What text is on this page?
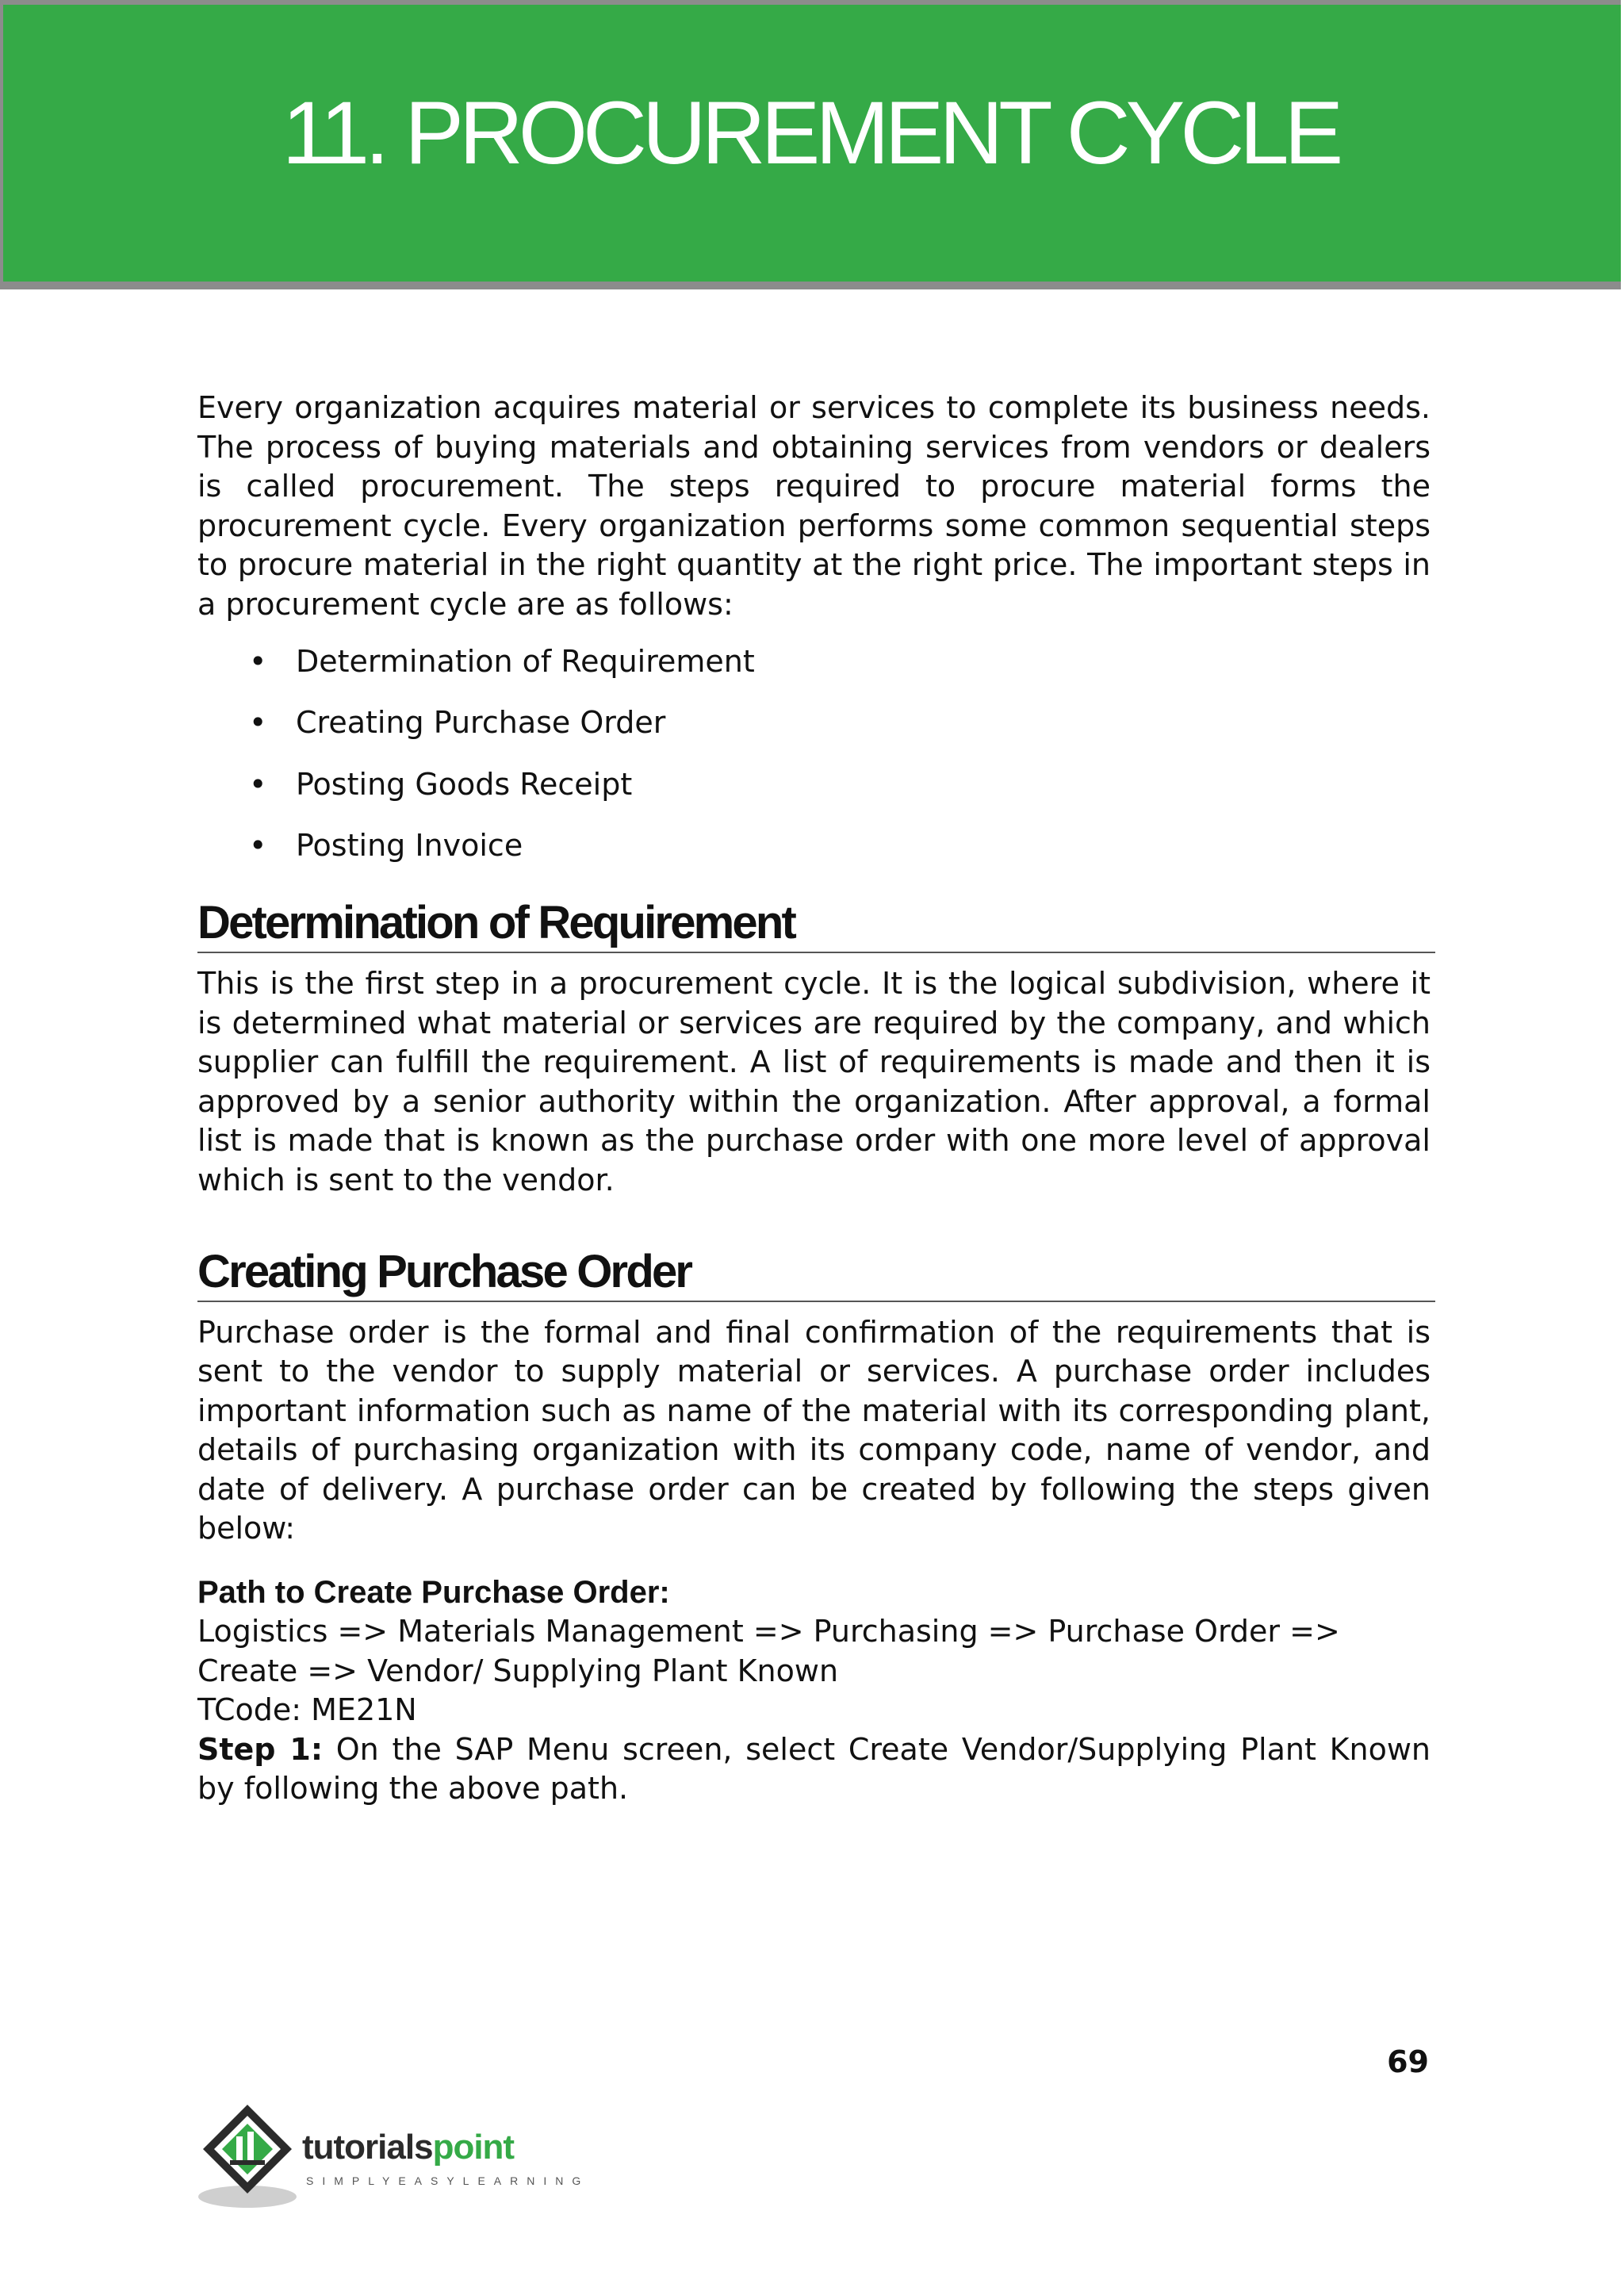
11. PROCUREMENT CYCLE

Every organization acquires material or services to complete its business needs. The process of buying materials and obtaining services from vendors or dealers is called procurement. The steps required to procure material forms the procurement cycle. Every organization performs some common sequential steps to procure material in the right quantity at the right price. The important steps in a procurement cycle are as follows:

• Determination of Requirement
• Creating Purchase Order
• Posting Goods Receipt
• Posting Invoice
Determination of Requirement

This is the first step in a procurement cycle. It is the logical subdivision, where it is determined what material or services are required by the company, and which supplier can fulfill the requirement. A list of requirements is made and then it is approved by a senior authority within the organization. After approval, a formal list is made that is known as the purchase order with one more level of approval which is sent to the vendor.

Creating Purchase Order

Purchase order is the formal and final confirmation of the requirements that is sent to the vendor to supply material or services. A purchase order includes important information such as name of the material with its corresponding plant, details of purchasing organization with its company code, name of vendor, and date of delivery. A purchase order can be created by following the steps given below:

Path to Create Purchase Order:

Logistics => Materials Management => Purchasing => Purchase Order =>

Create => Vendor/ Supplying Plant Known

TCode: ME21N

Step 1: On the SAP Menu screen, select Create Vendor/Supplying Plant Known by following the above path.

69
tutorialspoint
SIMPLYEASYLEARNING
